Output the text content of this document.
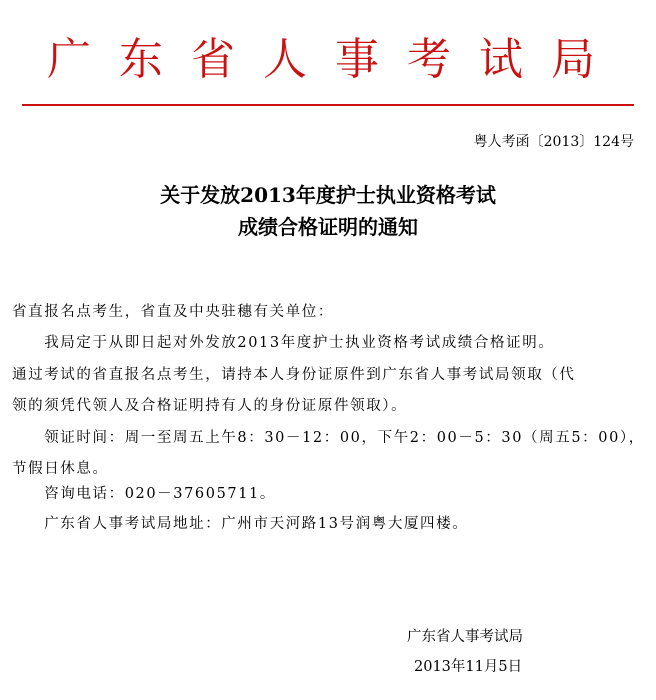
广东省人事考试局
粤人考函〔2013〕124号
关于发放2013年度护士执业资格考试
成绩合格证明的通知
省直报名点考生，省直及中央驻穗有关单位：
　　我局定于从即日起对外发放2013年度护士执业资格考试成绩合格证明。
通过考试的省直报名点考生，请持本人身份证原件到广东省人事考试局领取（代
领的须凭代领人及合格证明持有人的身份证原件领取）。
　　领证时间：周一至周五上午8：30－12：00，下午2：00－5：30（周五5：00），
节假日休息。
　　咨询电话：020－37605711。
　　广东省人事考试局地址：广州市天河路13号润粤大厦四楼。
广东省人事考试局
2013年11月5日
